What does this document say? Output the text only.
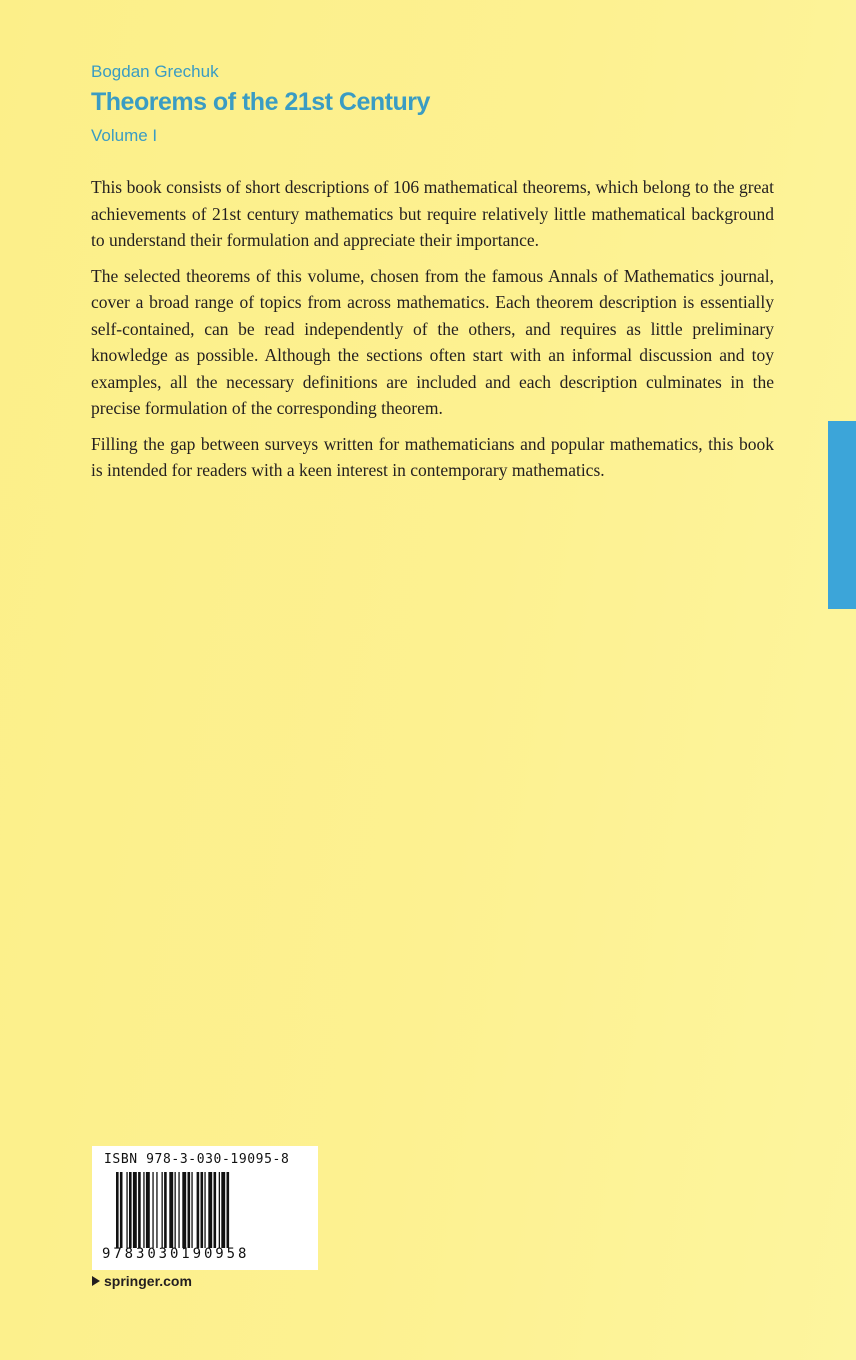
Bogdan Grechuk
Theorems of the 21st Century
Volume I

This book consists of short descriptions of 106 mathematical theorems, which belong to the great achievements of 21st century mathematics but require relatively little mathematical background to understand their formulation and appreciate their importance.

The selected theorems of this volume, chosen from the famous Annals of Mathematics journal, cover a broad range of topics from across mathematics. Each theorem description is essentially self-contained, can be read independently of the others, and requires as little preliminary knowledge as possible. Although the sections often start with an informal discussion and toy examples, all the necessary definitions are included and each description culminates in the precise formulation of the corresponding theorem.

Filling the gap between surveys written for mathematicians and popular mathematics, this book is intended for readers with a keen interest in contemporary mathematics.

ISBN 978-3-030-19095-8
9783030190958
springer.com
